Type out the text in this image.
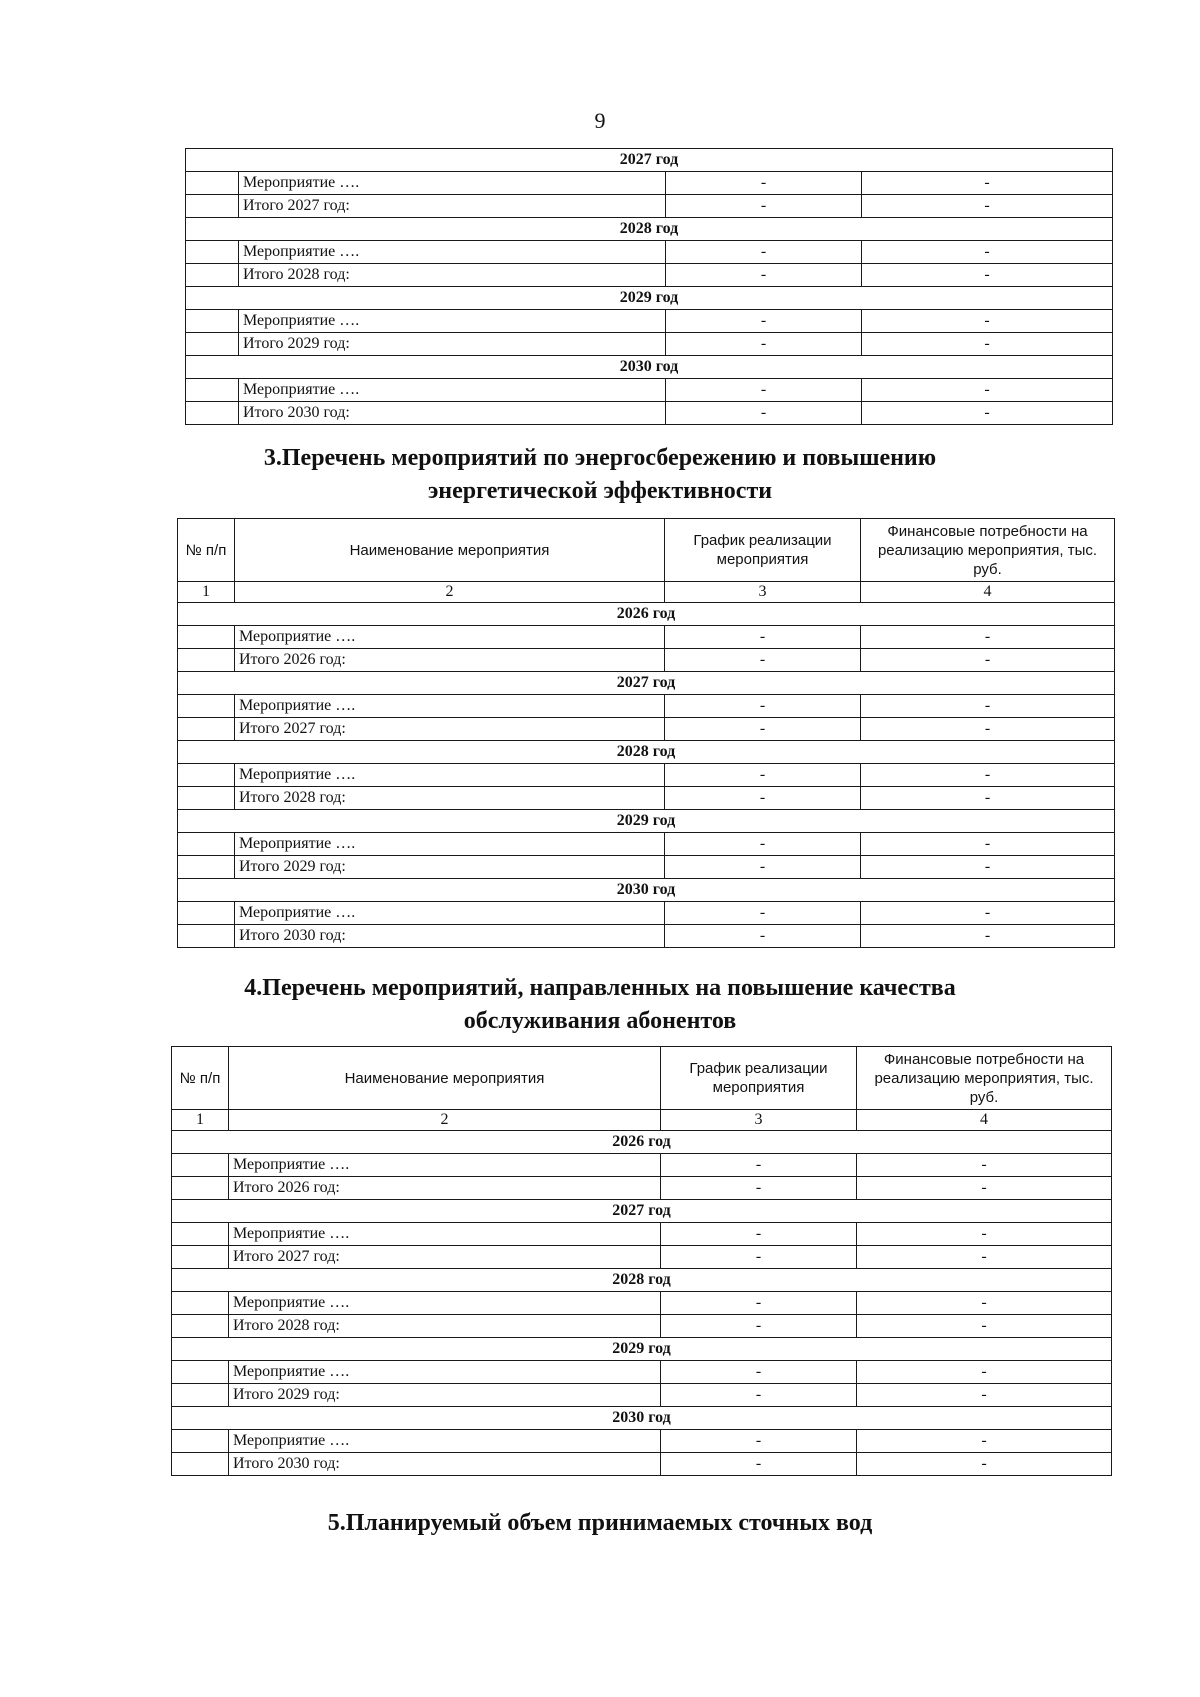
9
2027 год			
	Мероприятие ….	-	-
	Итого 2027 год:	-	-
2028 год			
	Мероприятие ….	-	-
	Итого 2028 год:	-	-
2029 год			
	Мероприятие ….	-	-
	Итого 2029 год:	-	-
2030 год			
	Мероприятие ….	-	-
	Итого 2030 год:	-	-
3.Перечень мероприятий по энергосбережению и повышению
энергетической эффективности
№ п/п	Наименование мероприятия	График реализации мероприятия	Финансовые потребности на реализацию мероприятия, тыс. руб.
1	2	3	4
2026 год			
	Мероприятие ….	-	-
	Итого 2026 год:	-	-
2027 год			
	Мероприятие ….	-	-
	Итого 2027 год:	-	-
2028 год			
	Мероприятие ….	-	-
	Итого 2028 год:	-	-
2029 год			
	Мероприятие ….	-	-
	Итого 2029 год:	-	-
2030 год			
	Мероприятие ….	-	-
	Итого 2030 год:	-	-
4.Перечень мероприятий, направленных на повышение качества
обслуживания абонентов
№ п/п	Наименование мероприятия	График реализации мероприятия	Финансовые потребности на реализацию мероприятия, тыс. руб.
1	2	3	4
2026 год			
	Мероприятие ….	-	-
	Итого 2026 год:	-	-
2027 год			
	Мероприятие ….	-	-
	Итого 2027 год:	-	-
2028 год			
	Мероприятие ….	-	-
	Итого 2028 год:	-	-
2029 год			
	Мероприятие ….	-	-
	Итого 2029 год:	-	-
2030 год			
	Мероприятие ….	-	-
	Итого 2030 год:	-	-
5.Планируемый объем принимаемых сточных вод
